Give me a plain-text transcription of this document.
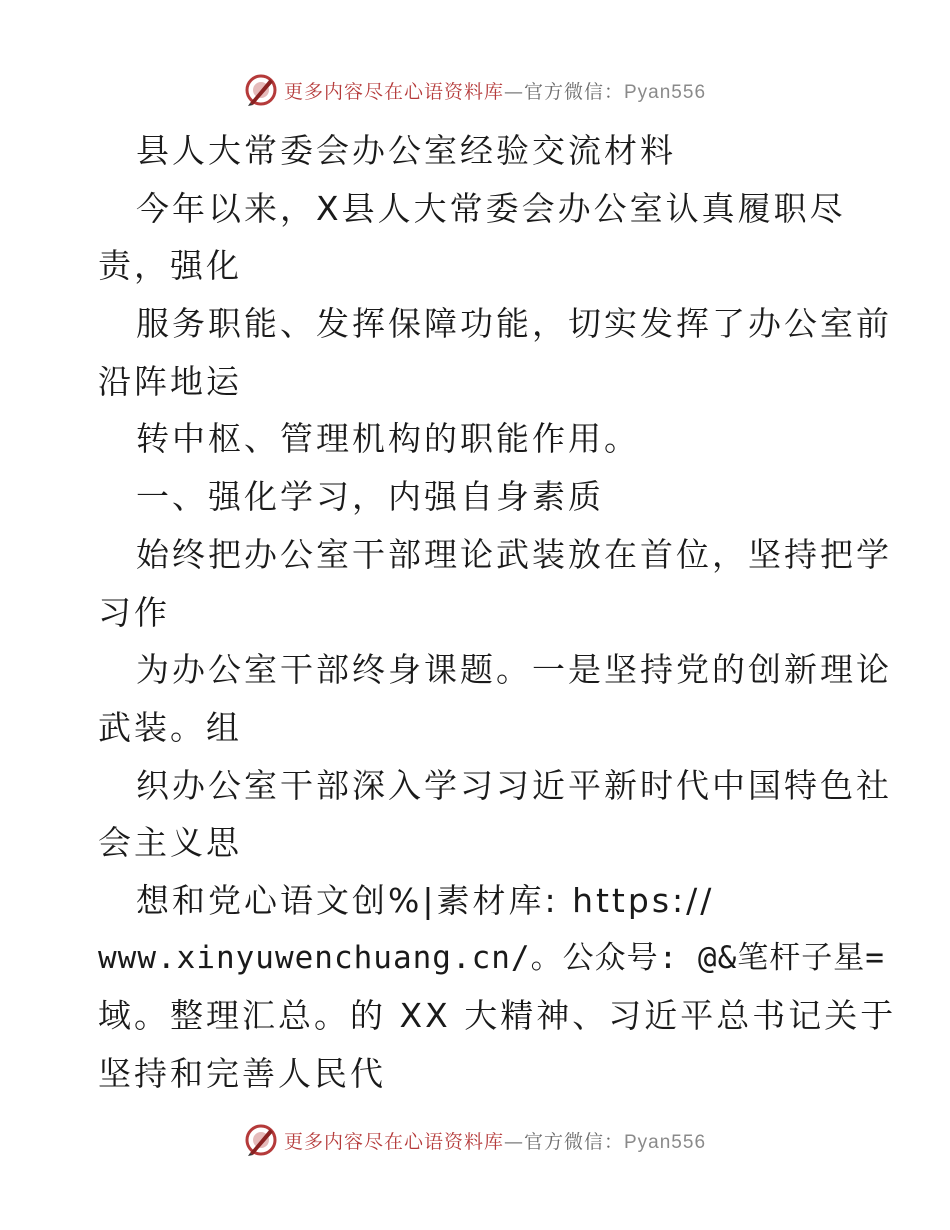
更多内容尽在心语资料库—官方微信：Pyan556
县人大常委会办公室经验交流材料
今年以来，X县人大常委会办公室认真履职尽
责，强化
服务职能、发挥保障功能，切实发挥了办公室前
沿阵地运
转中枢、管理机构的职能作用。
一、强化学习，内强自身素质
始终把办公室干部理论武装放在首位，坚持把学
习作
为办公室干部终身课题。一是坚持党的创新理论
武装。组
织办公室干部深入学习习近平新时代中国特色社
会主义思
想和党心语文创%|素材库: https://
www.xinyuwenchuang.cn/。公众号: @&笔杆子星=
域。整理汇总。的 XX 大精神、习近平总书记关于
坚持和完善人民代
更多内容尽在心语资料库—官方微信：Pyan556
